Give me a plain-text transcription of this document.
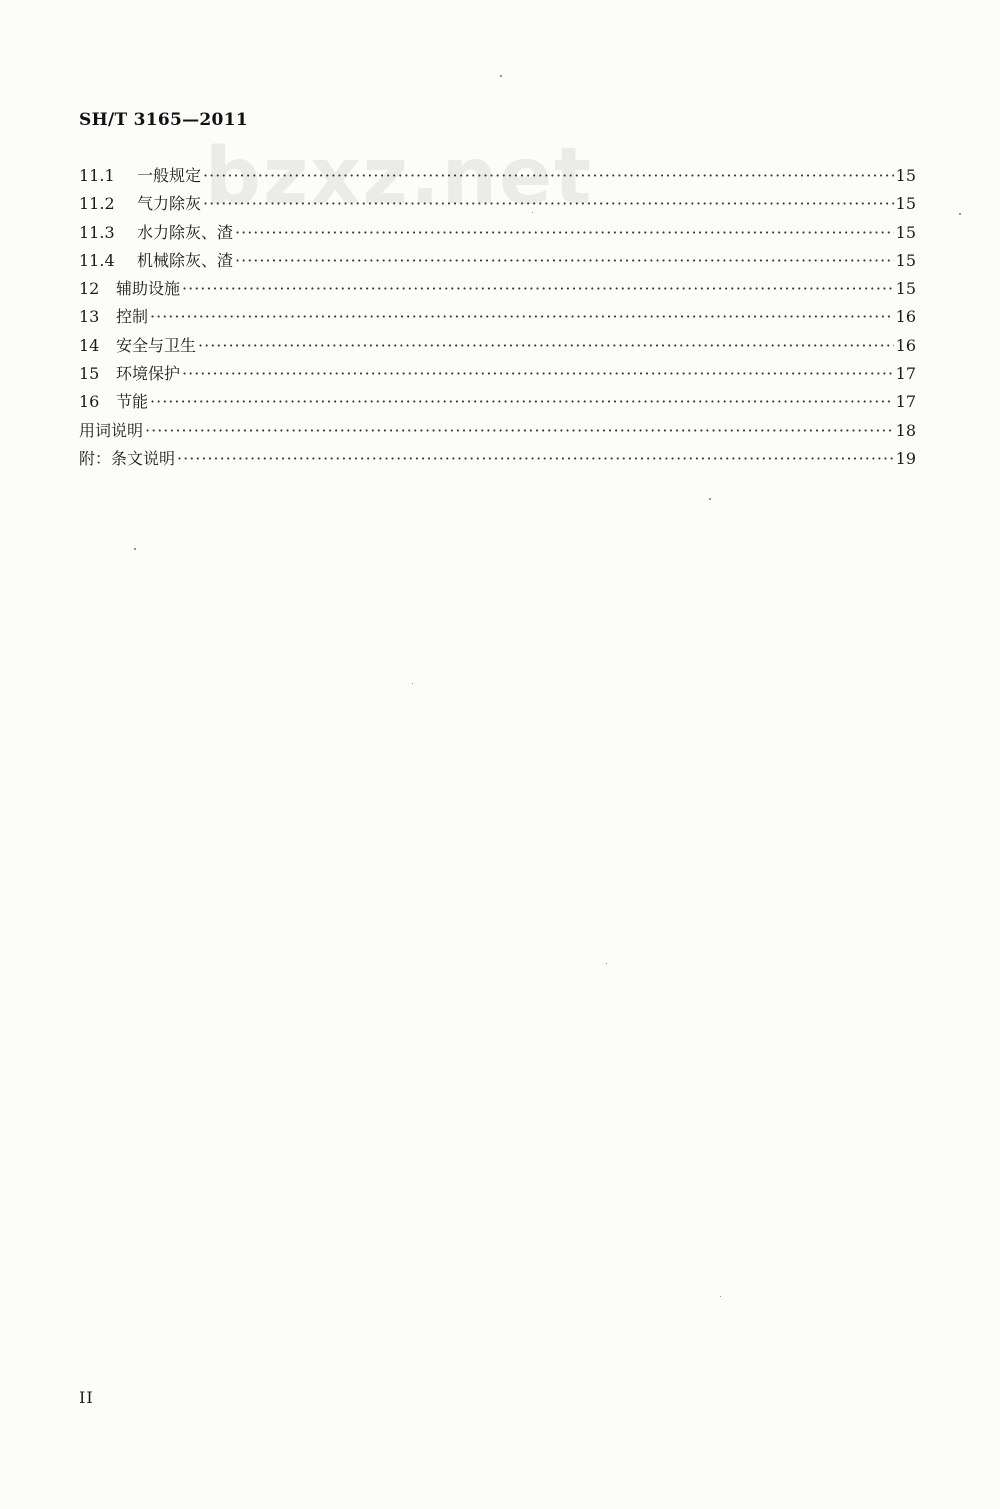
SH/T 3165—2011
bzxz.net
11.1	一般规定 ·····	15
11.2	气力除灰 ·····	15
11.3	水力除灰、渣 ·····	15
11.4	机械除灰、渣 ·····	15
12	辅助设施 ·····	15
13	控制 ·····	16
14	安全与卫生 ·····	16
15	环境保护 ·····	17
16	节能 ·····	17
用词说明 ·····	18
附：条文说明 ·····	19
II
